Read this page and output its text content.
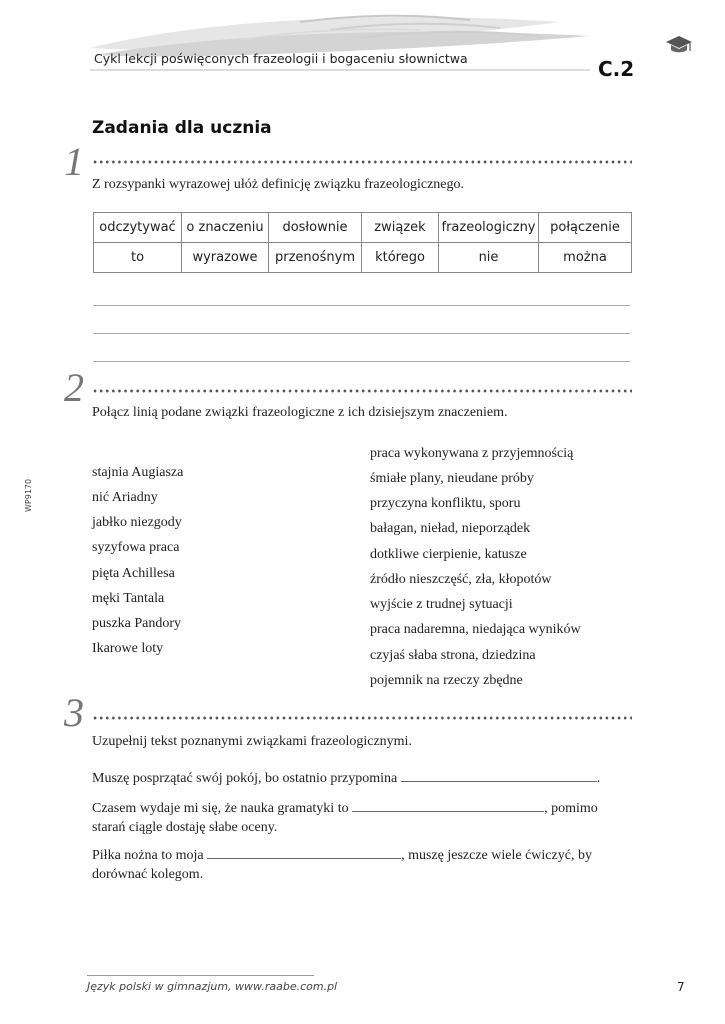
Cykl lekcji poświęconych frazeologii i bogaceniu słownictwa	C.2
Zadania dla ucznia
1
Z rozsypanki wyrazowej ułóż definicję związku frazeologicznego.
odczytywać	o znaczeniu	dosłownie	związek	frazeologiczny	połączenie
to	wyrazowe	przenośnym	którego	nie	można
2
Połącz linią podane związki frazeologiczne z ich dzisiejszym znaczeniem.
stajnia Augiasza
nić Ariadny
jabłko niezgody
syzyfowa praca
pięta Achillesa
męki Tantala
puszka Pandory
Ikarowe loty
praca wykonywana z przyjemnością
śmiałe plany, nieudane próby
przyczyna konfliktu, sporu
bałagan, nieład, nieporządek
dotkliwe cierpienie, katusze
źródło nieszczęść, zła, kłopotów
wyjście z trudnej sytuacji
praca nadaremna, niedająca wyników
czyjaś słaba strona, dziedzina
pojemnik na rzeczy zbędne
3
Uzupełnij tekst poznanymi związkami frazeologicznymi.
Muszę posprzątać swój pokój, bo ostatnio przypomina	.
Czasem wydaje mi się, że nauka gramatyki to	, pomimo starań ciągle dostaję słabe oceny.
Piłka nożna to moja	, muszę jeszcze wiele ćwiczyć, by dorównać kolegom.
WP9170
Język polski w gimnazjum, www.raabe.com.pl	7
